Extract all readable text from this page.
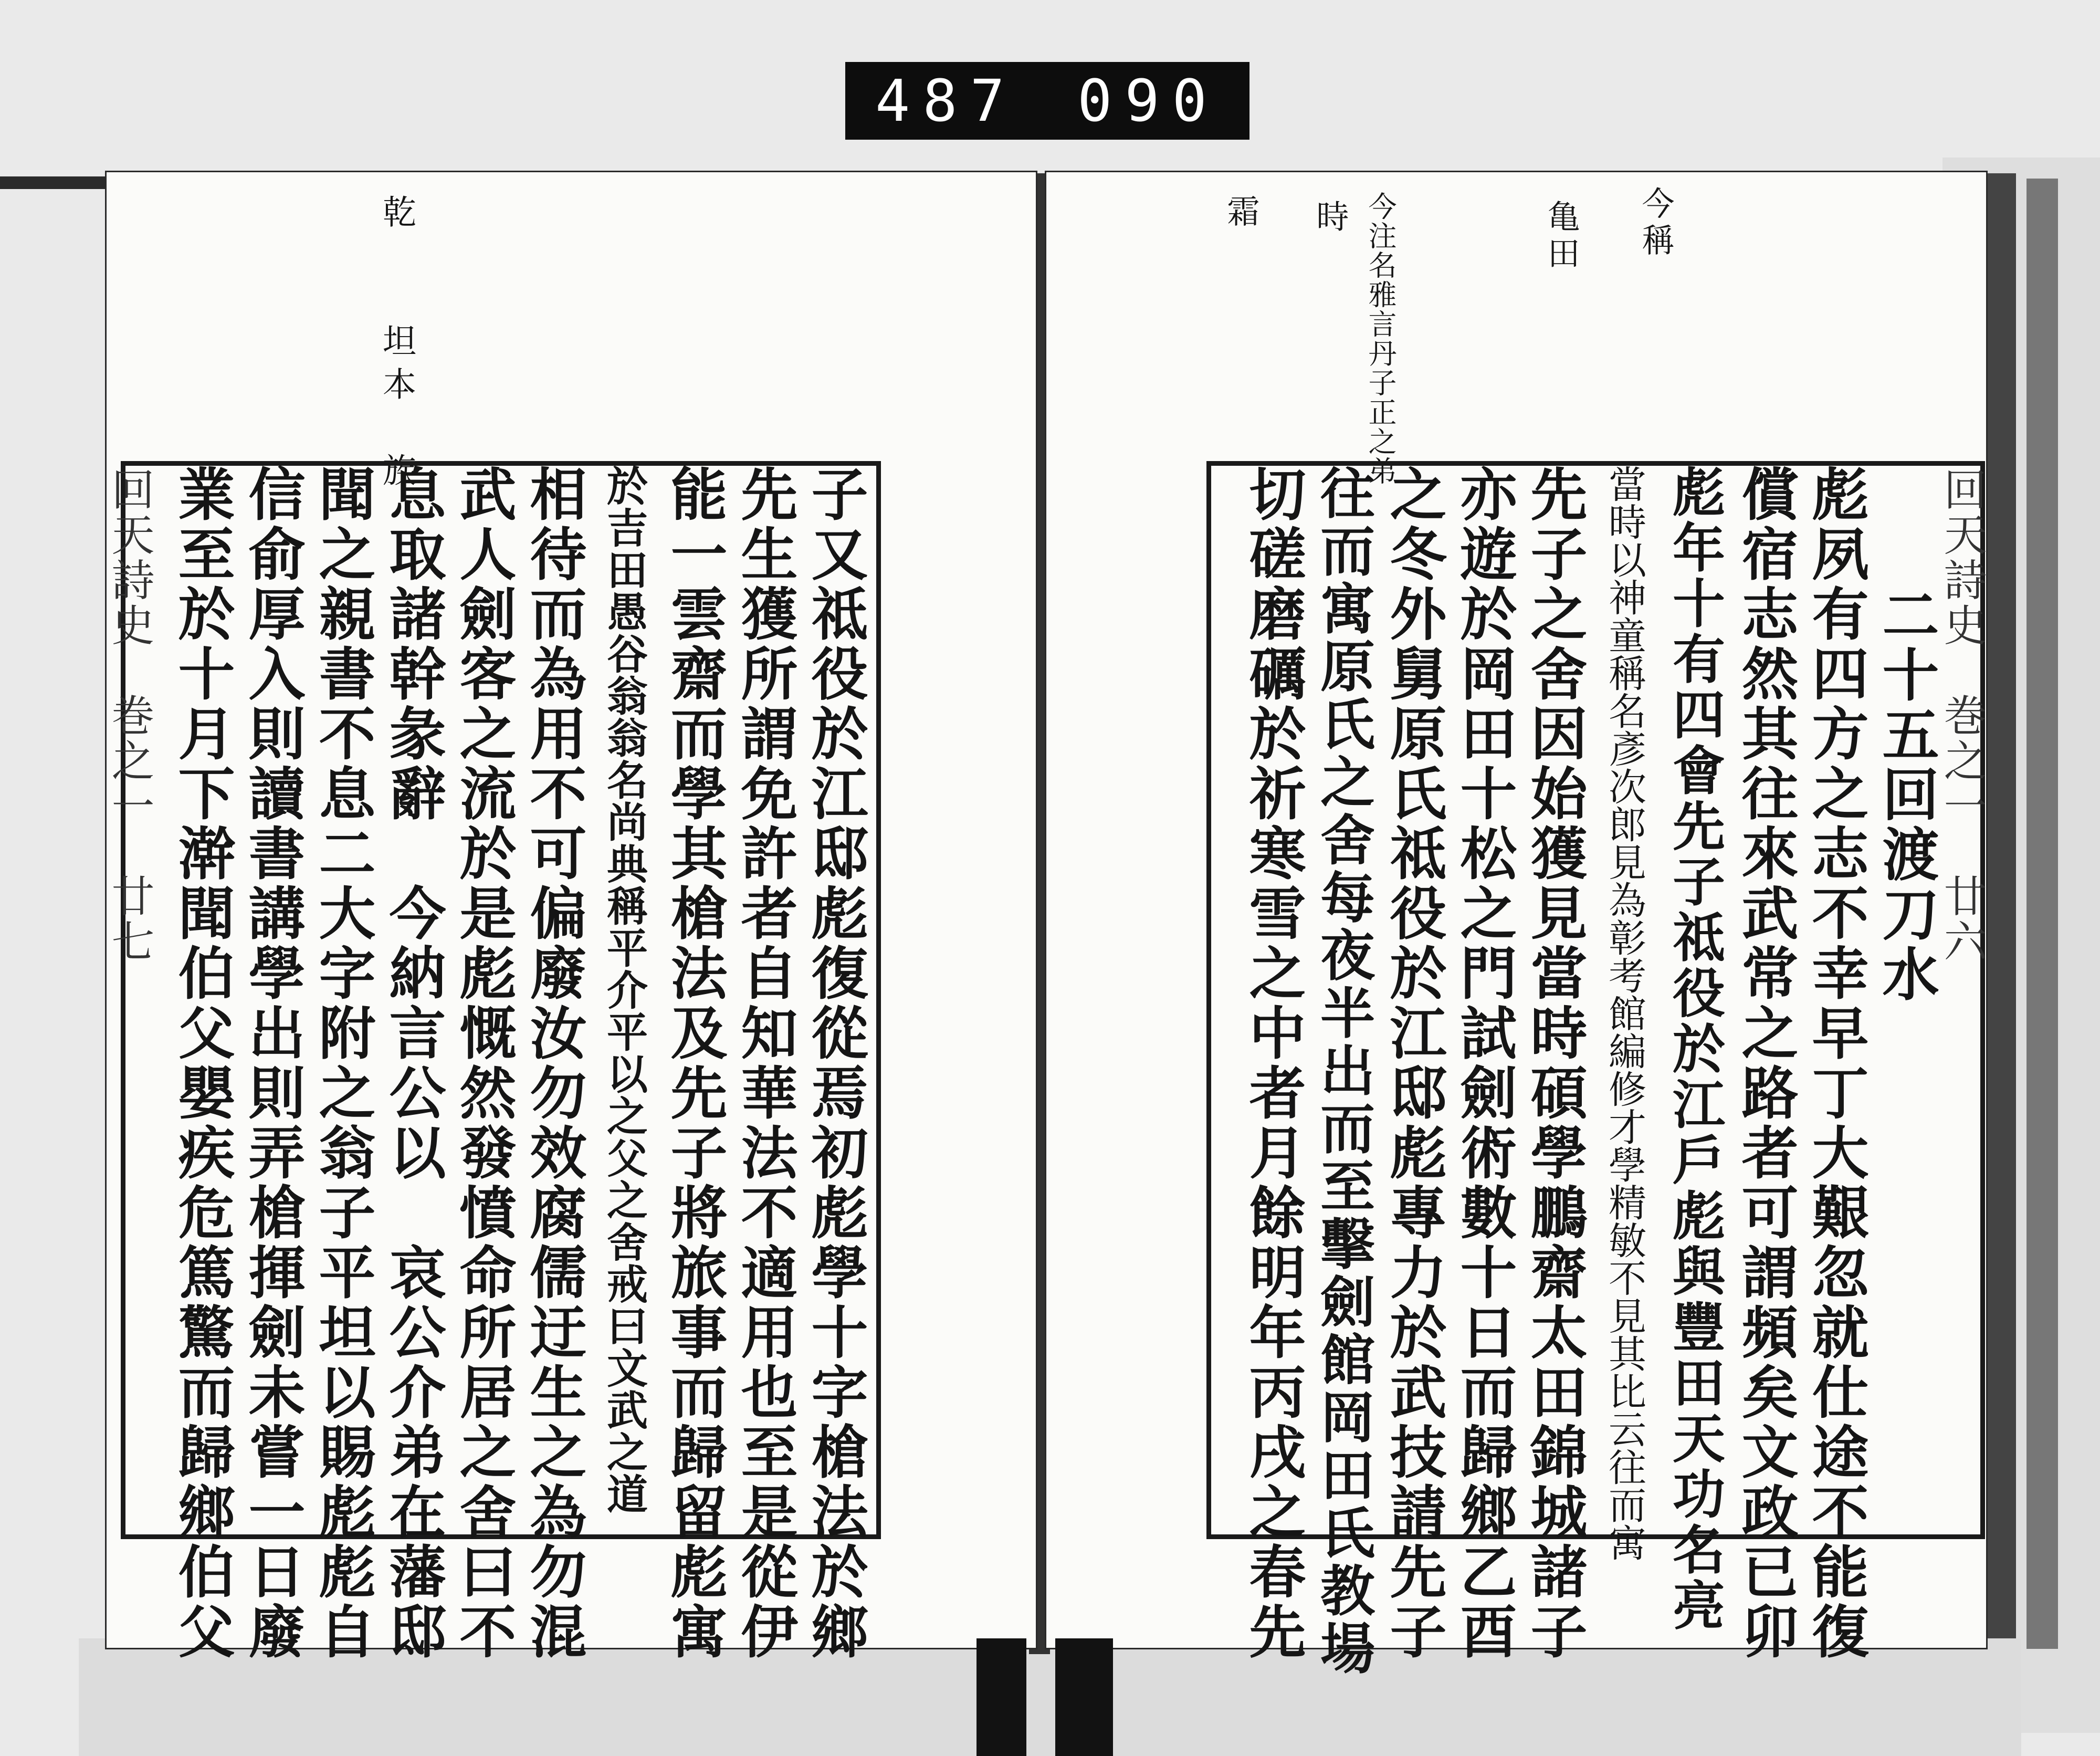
487 090
乾　　坦本　族
回天詩史　巻之一　廿七	子又祗役於江邸彪復從焉初彪學十字槍法於鄉
先生獲所謂免許者自知華法不適用也至是從伊
能一雲齋而學其槍法及先子將旅事而歸留彪寓
於吉田愚谷翁翁名尚典稱平介平以之父之舍戒曰文武之道
相待而為用不可偏廢汝勿效腐儒迂生之為勿混
武人劍客之流於是彪慨然發憤命所居之舍曰不
息取諸幹彖辭　今納言公以　哀公介弟在藩邸
聞之親書不息二大字附之翁子平坦以賜彪彪自
信俞厚入則讀書講學出則弄槍揮劍未嘗一日廢
業至於十月下澣聞伯父嬰疾危篤驚而歸鄉伯父
今稱
亀田
今注名雅言丹子正之弟
時
霜
回天詩史　巻之一　廿六
二十五回渡刀水
彪夙有四方之志不幸早丁大艱忽就仕途不能復
償宿志然其往來武常之路者可謂頻矣文政已卯
彪年十有四會先子祗役於江戶彪與豐田天功名亮
當時以神童稱名彥次郎見為彰考館編修才學精敏不見其比云往而寓
先子之舍因始獲見當時碩學鵬齋太田錦城諸子
亦遊於岡田十松之門試劍術數十日而歸鄉乙酉
之冬外舅原氏祗役於江邸彪專力於武技請先子
往而寓原氏之舍每夜半出而至擊劍館岡田氏教場
切磋磨礪於祈寒雪之中者月餘明年丙戌之春先
